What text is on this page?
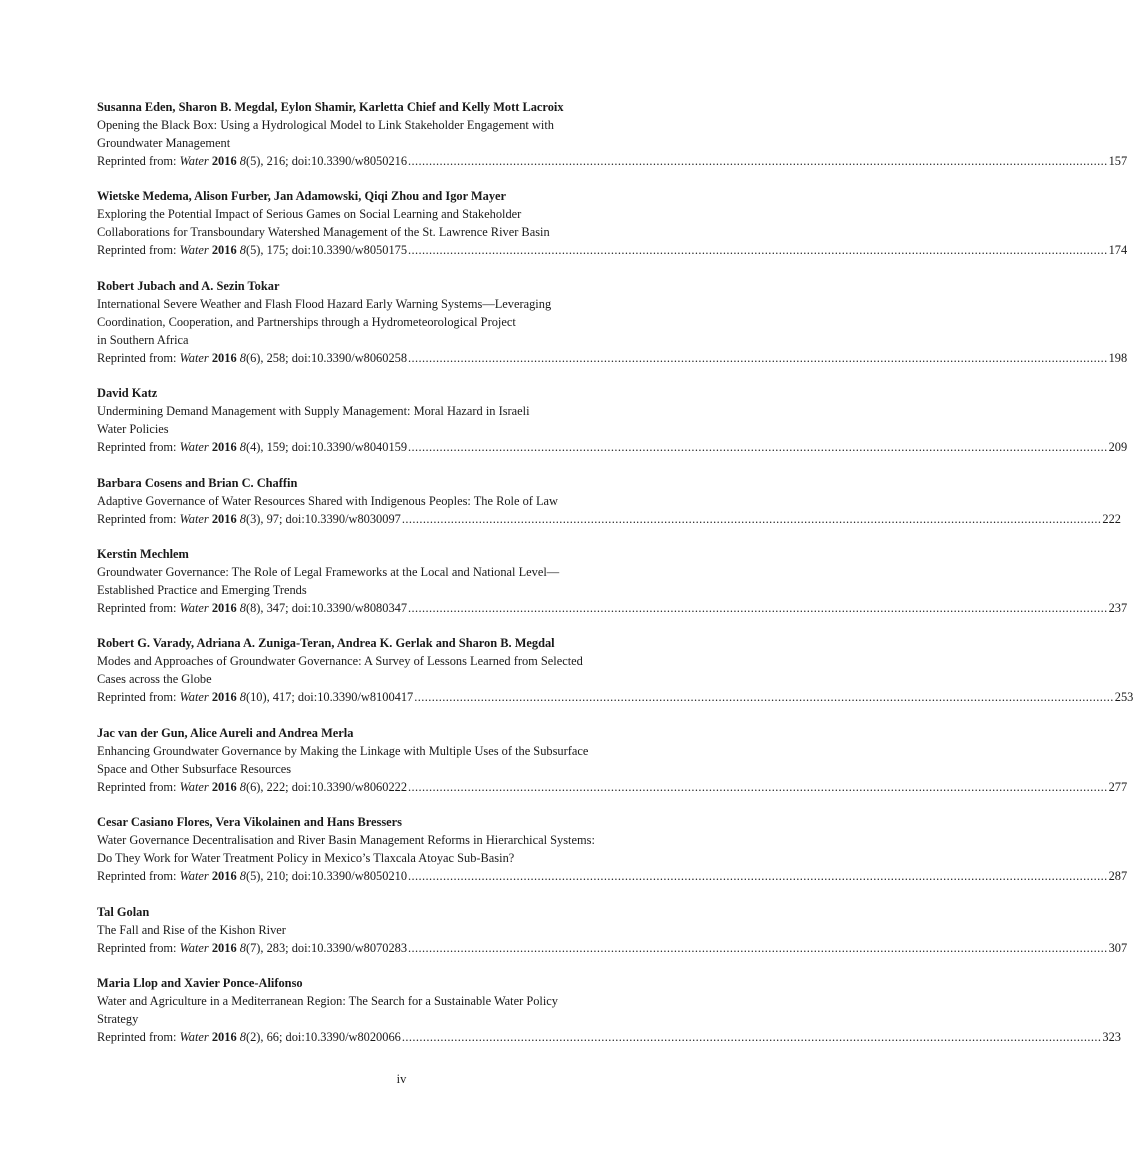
Susanna Eden, Sharon B. Megdal, Eylon Shamir, Karletta Chief and Kelly Mott Lacroix
Opening the Black Box: Using a Hydrological Model to Link Stakeholder Engagement with
Groundwater Management
Reprinted from: Water
2016
8 (5), 216; doi:10.3390/w8050216 ........................................................................................................................................................................................................ 157
Wietske Medema, Alison Furber, Jan Adamowski, Qiqi Zhou and Igor Mayer
Exploring the Potential Impact of Serious Games on Social Learning and Stakeholder
Collaborations for Transboundary Watershed Management of the St. Lawrence River Basin
Reprinted from: Water
2016
8 (5), 175; doi:10.3390/w8050175 ........................................................................................................................................................................................................ 174
Robert Jubach and A. Sezin Tokar
International Severe Weather and Flash Flood Hazard Early Warning Systems—Leveraging
Coordination, Cooperation, and Partnerships through a Hydrometeorological Project
in Southern Africa
Reprinted from: Water
2016
8 (6), 258; doi:10.3390/w8060258 ........................................................................................................................................................................................................ 198
David Katz
Undermining Demand Management with Supply Management: Moral Hazard in Israeli
Water Policies
Reprinted from: Water
2016
8 (4), 159; doi:10.3390/w8040159 ........................................................................................................................................................................................................ 209
Barbara Cosens and Brian C. Chaffin
Adaptive Governance of Water Resources Shared with Indigenous Peoples: The Role of Law
Reprinted from: Water
2016
8 (3), 97; doi:10.3390/w8030097 ........................................................................................................................................................................................................ 222
Kerstin Mechlem
Groundwater Governance: The Role of Legal Frameworks at the Local and National Level—
Established Practice and Emerging Trends
Reprinted from: Water
2016
8 (8), 347; doi:10.3390/w8080347 ........................................................................................................................................................................................................ 237
Robert G. Varady, Adriana A. Zuniga-Teran, Andrea K. Gerlak and Sharon B. Megdal
Modes and Approaches of Groundwater Governance: A Survey of Lessons Learned from Selected
Cases across the Globe
Reprinted from: Water
2016
8 (10), 417; doi:10.3390/w8100417 ........................................................................................................................................................................................................ 253
Jac van der Gun, Alice Aureli and Andrea Merla
Enhancing Groundwater Governance by Making the Linkage with Multiple Uses of the Subsurface
Space and Other Subsurface Resources
Reprinted from: Water
2016
8 (6), 222; doi:10.3390/w8060222 ........................................................................................................................................................................................................ 277
Cesar Casiano Flores, Vera Vikolainen and Hans Bressers
Water Governance Decentralisation and River Basin Management Reforms in Hierarchical Systems:
Do They Work for Water Treatment Policy in Mexico’s Tlaxcala Atoyac Sub-Basin?
Reprinted from: Water
2016
8 (5), 210; doi:10.3390/w8050210 ........................................................................................................................................................................................................ 287
Tal Golan
The Fall and Rise of the Kishon River
Reprinted from: Water
2016
8 (7), 283; doi:10.3390/w8070283 ........................................................................................................................................................................................................ 307
Maria Llop and Xavier Ponce-Alifonso
Water and Agriculture in a Mediterranean Region: The Search for a Sustainable Water Policy
Strategy
Reprinted from: Water
2016
8 (2), 66; doi:10.3390/w8020066 ........................................................................................................................................................................................................ 323
iv
